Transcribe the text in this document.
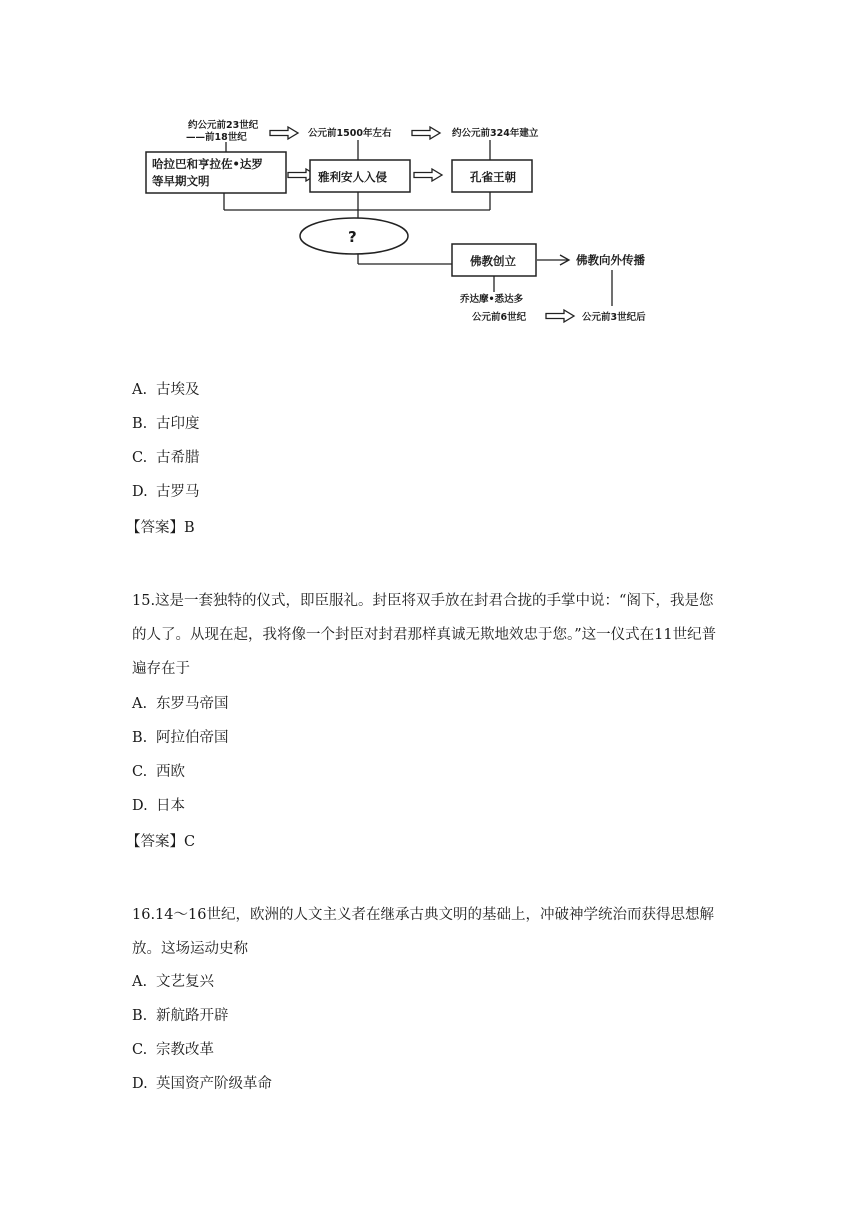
约公元前23世纪
——前18世纪	公元前1500年左右	约公元前324年建立
哈拉巴和亨拉佐•达罗
等早期文明	雅利安人入侵	孔雀王朝
?
佛教创立	佛教向外传播
乔达摩•悉达多
公元前6世纪	公元前3世纪后
A. 古埃及
B. 古印度
C. 古希腊
D. 古罗马
【答案】B
15.这是一套独特的仪式，即臣服礼。封臣将双手放在封君合拢的手掌中说：“阁下，我是您的人了。从现在起，我将像一个封臣对封君那样真诚无欺地效忠于您。”这一仪式在11世纪普遍存在于
A. 东罗马帝国
B. 阿拉伯帝国
C. 西欧
D. 日本
【答案】C
16.14～16世纪，欧洲的人文主义者在继承古典文明的基础上，冲破神学统治而获得思想解放。这场运动史称
A. 文艺复兴
B. 新航路开辟
C. 宗教改革
D. 英国资产阶级革命
